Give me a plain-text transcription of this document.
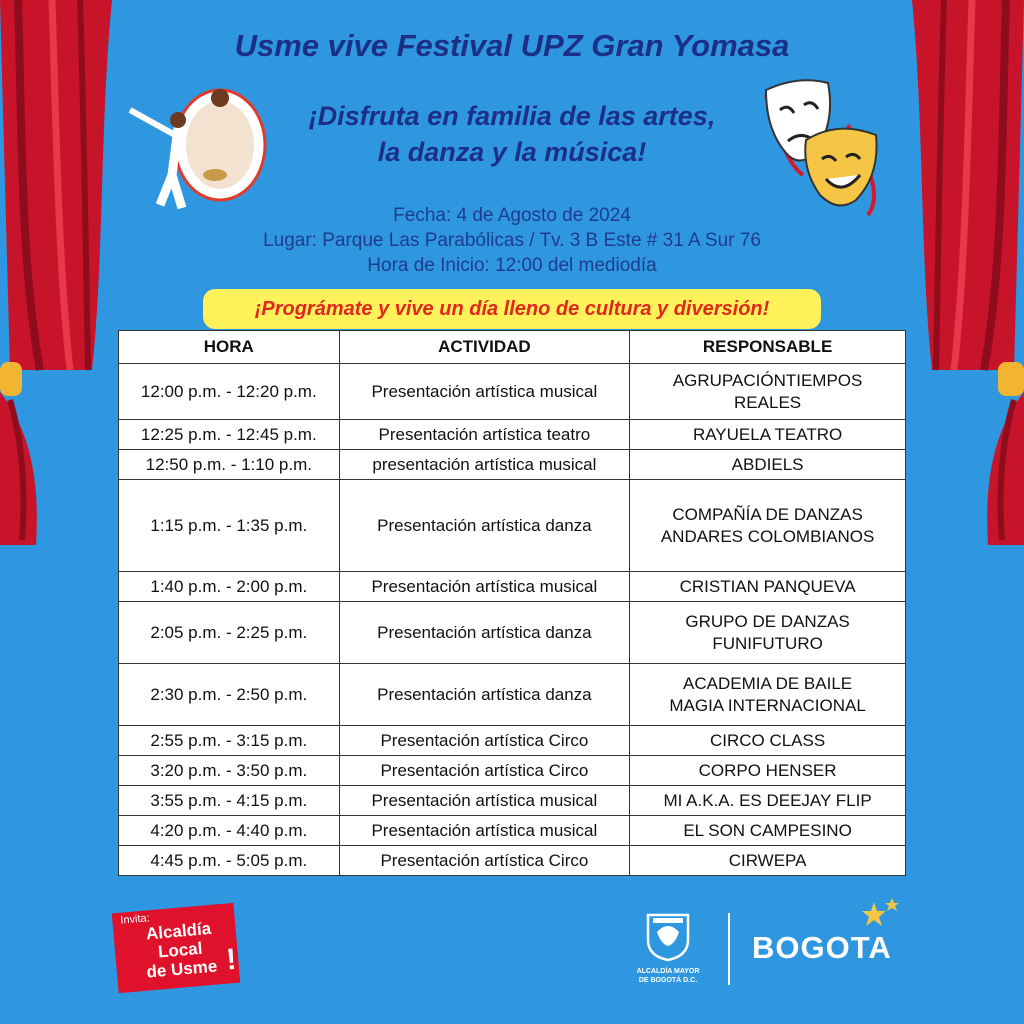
Usme vive Festival UPZ Gran Yomasa
¡Disfruta en familia de las artes,
la danza y la música!
Fecha: 4 de Agosto de 2024
Lugar: Parque Las Parabólicas / Tv. 3 B Este # 31 A Sur 76
Hora de Inicio: 12:00 del mediodía
¡Prográmate y vive un día lleno de cultura y diversión!
HORA	ACTIVIDAD	RESPONSABLE
12:00 p.m. - 12:20 p.m.	Presentación artística musical	AGRUPACIÓNTIEMPOS
REALES

12:25 p.m. - 12:45 p.m.	Presentación artística teatro	RAYUELA TEATRO

12:50 p.m. - 1:10 p.m.	presentación artística musical	ABDIELS

1:15 p.m. - 1:35 p.m.	Presentación artística danza	COMPAÑÍA DE DANZAS
ANDARES COLOMBIANOS

1:40 p.m. - 2:00 p.m.	Presentación artística musical	CRISTIAN PANQUEVA

2:05 p.m. - 2:25 p.m.	Presentación artística danza	GRUPO DE DANZAS
FUNIFUTURO

2:30 p.m. - 2:50 p.m.	Presentación artística danza	ACADEMIA DE BAILE
MAGIA INTERNACIONAL

2:55 p.m. - 3:15 p.m.	Presentación artística Circo	CIRCO CLASS

3:20 p.m. - 3:50 p.m.	Presentación artística Circo	CORPO HENSER

3:55 p.m. - 4:15 p.m.	Presentación artística musical	MI A.K.A. ES DEEJAY FLIP

4:20 p.m. - 4:40 p.m.	Presentación artística musical	EL SON CAMPESINO

4:45 p.m. - 5:05 p.m.	Presentación artística Circo	CIRWEPA
Invita:
Alcaldía
Local
de Usme !	ALCALDÍA MAYOR
DE BOGOTÁ D.C.
BOGOTA
